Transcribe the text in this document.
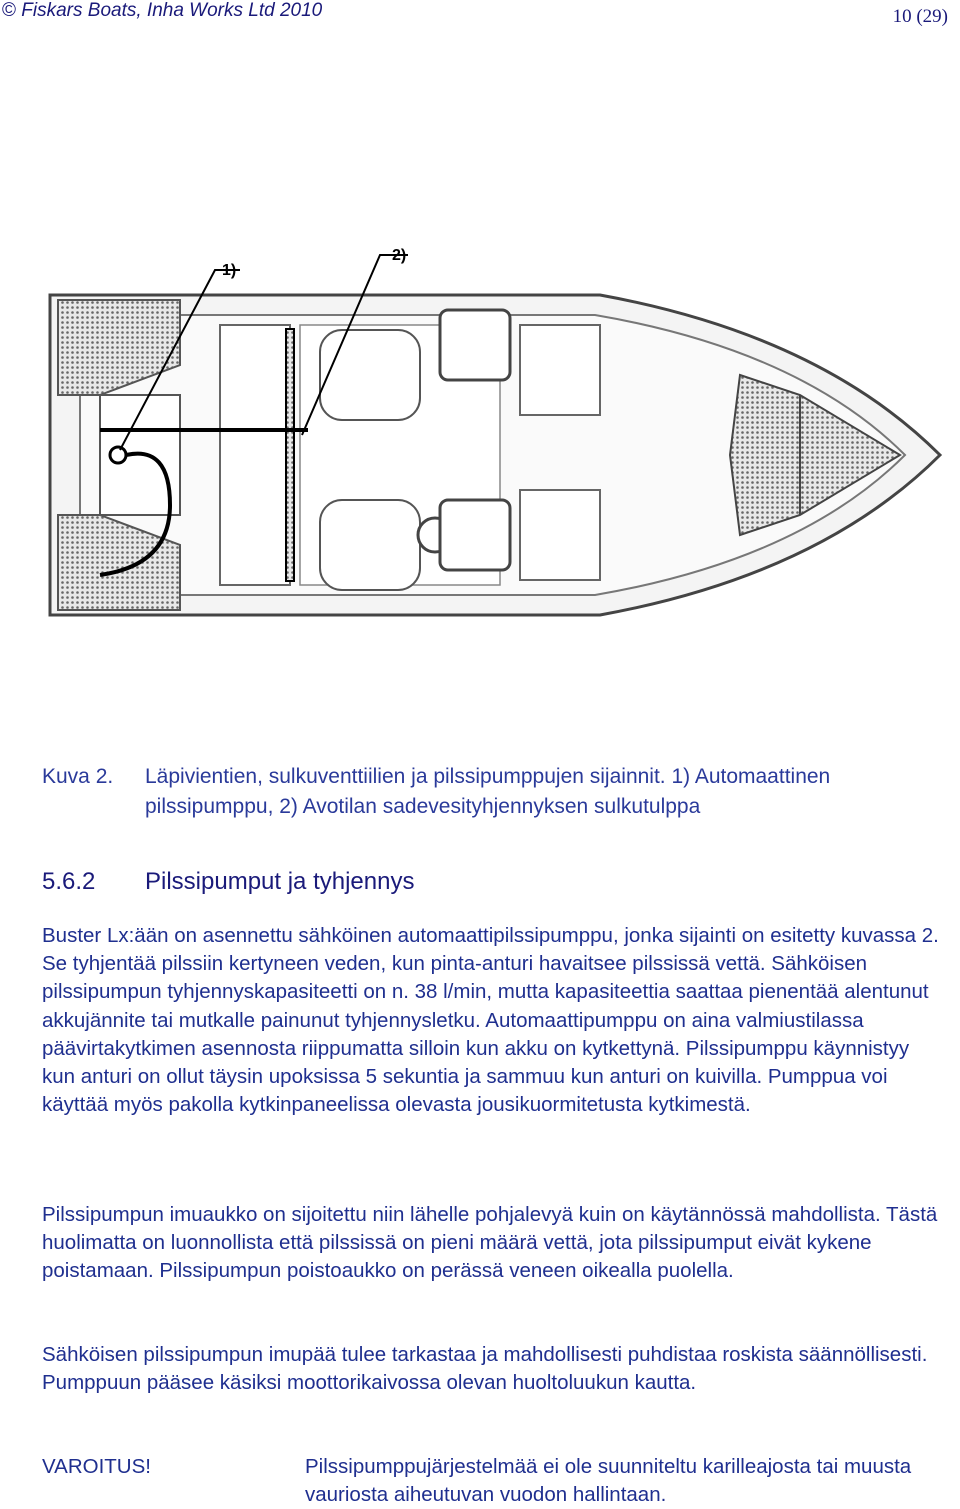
© Fiskars Boats, Inha Works Ltd 2010	10 (29)
1)
2)
Kuva 2. Läpivientien, sulkuventtiilien ja pilssipumppujen sijainnit. 1) Automaattinen
pilssipumppu, 2) Avotilan sadevesityhjennyksen sulkutulppa
5.6.2 Pilssipumput ja tyhjennys

Buster Lx:ään on asennettu sähköinen automaattipilssipumppu, jonka sijainti on esitetty kuvassa 2. Se tyhjentää pilssiin kertyneen veden, kun pinta-anturi havaitsee pilssissä vettä. Sähköisen pilssipumpun tyhjennyskapasiteetti on n. 38 l/min, mutta kapasiteettia saattaa pienentää alentunut akkujännite tai mutkalle painunut tyhjennysletku. Automaattipumppu on aina valmiustilassa päävirtakytkimen asennosta riippumatta silloin kun akku on kytkettynä. Pilssipumppu käynnistyy kun anturi on ollut täysin upoksissa 5 sekuntia ja sammuu kun anturi on kuivilla. Pumppua voi käyttää myös pakolla kytkinpaneelissa olevasta jousikuormitetusta kytkimestä.

Pilssipumpun imuaukko on sijoitettu niin lähelle pohjalevyä kuin on käytännössä mahdollista. Tästä huolimatta on luonnollista että pilssissä on pieni määrä vettä, jota pilssipumput eivät kykene poistamaan. Pilssipumpun poistoaukko on perässä veneen oikealla puolella.

Sähköisen pilssipumpun imupää tulee tarkastaa ja mahdollisesti puhdistaa roskista säännöllisesti. Pumppuun pääsee käsiksi moottorikaivossa olevan huoltoluukun kautta.

VAROITUS!	Pilssipumppujärjestelmää ei ole suunniteltu karilleajosta tai muusta vauriosta aiheutuvan vuodon hallintaan.
